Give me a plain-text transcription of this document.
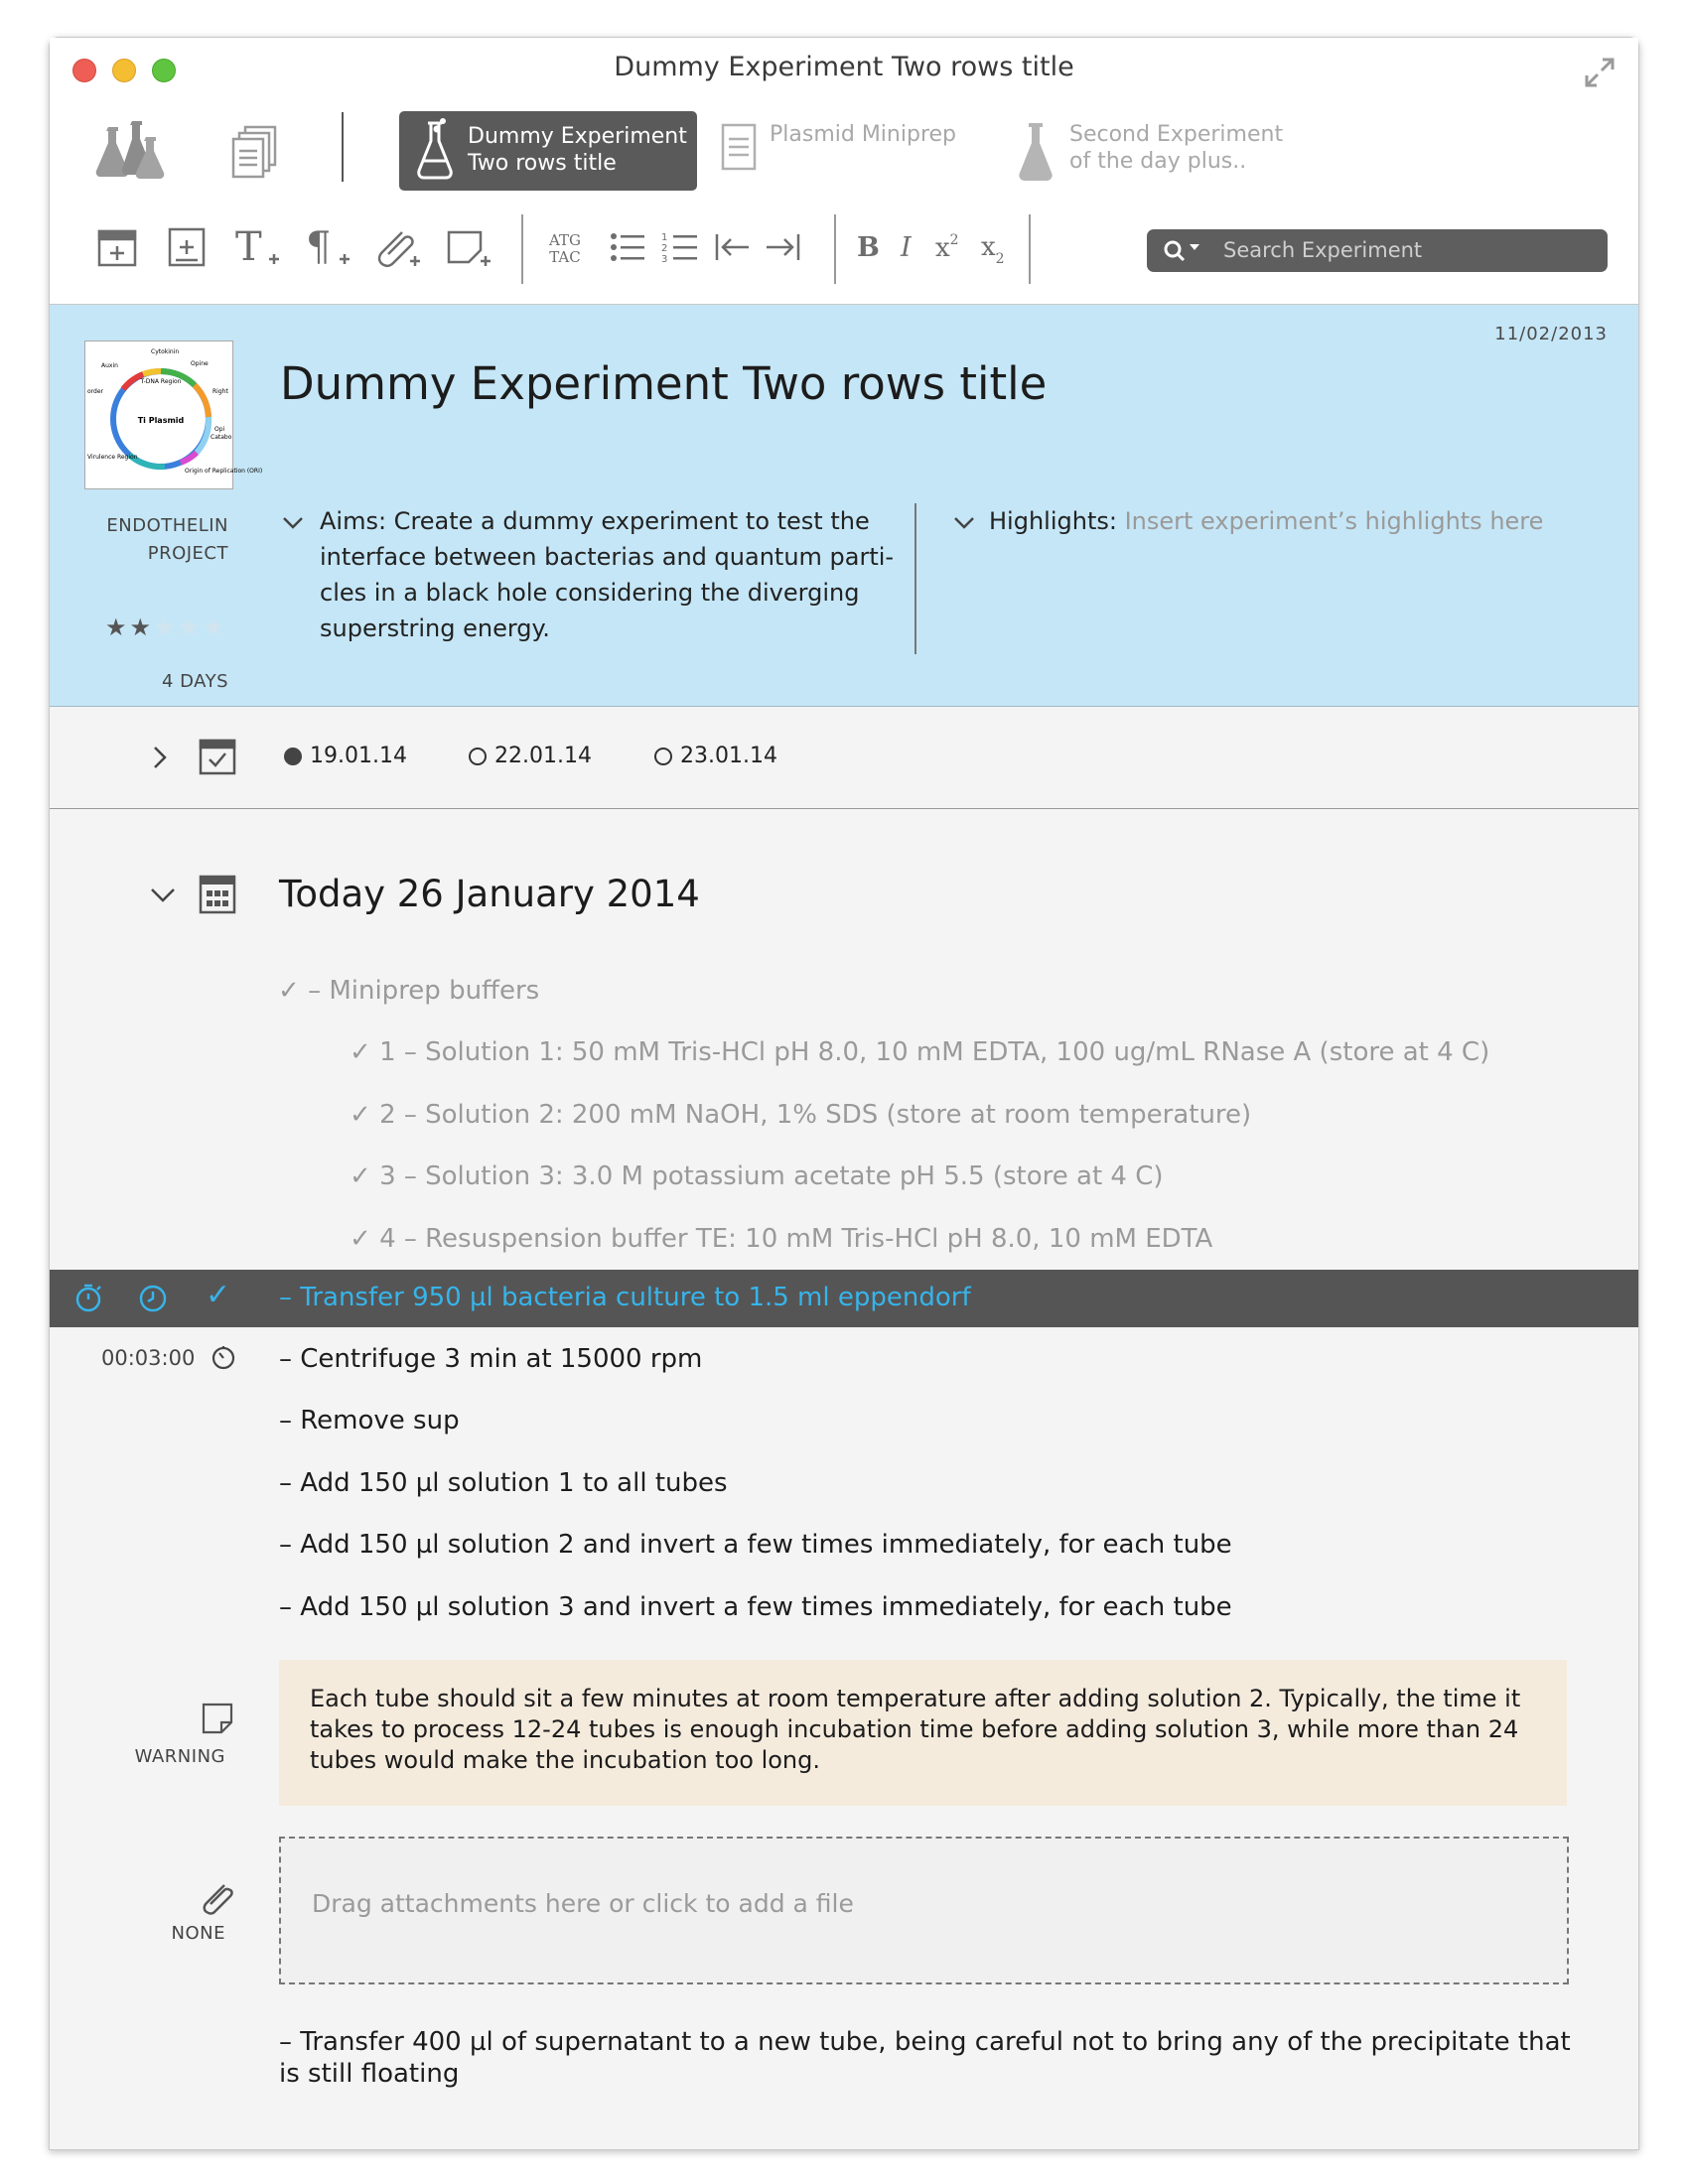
Dummy Experiment Two rows title
Dummy Experiment
Two rows title
Plasmid Miniprep	Second Experiment
of the day plus..
T ¶	ATG
TAC
1
2
3	B I $x^2$ $x_2$	Search Experiment
11/02/2013
Ti Plasmid
T-DNA Region
Cytokinin
Opine
Auxin
order	Right
Opi
Catabo
Virulence Region
Origin of Replication (ORI)
ENDOTHELIN
PROJECT
★★★★★
4 DAYS
Dummy Experiment Two rows title
Aims: Create a dummy experiment to test the interface between bacterias and quantum parti-cles in a black hole considering the diverging superstring energy.
Highlights: Insert experiment’s highlights here
19.01.14	22.01.14	23.01.14
Today 26 January 2014
✓ – Miniprep buffers
✓ 1 – Solution 1: 50 mM Tris-HCl pH 8.0, 10 mM EDTA, 100 ug/mL RNase A (store at 4 C)
✓ 2 – Solution 2: 200 mM NaOH, 1% SDS (store at room temperature)
✓ 3 – Solution 3: 3.0 M potassium acetate pH 5.5 (store at 4 C)
✓ 4 – Resuspension buffer TE: 10 mM Tris-HCl pH 8.0, 10 mM EDTA
✓ – Transfer 950 µl bacteria culture to 1.5 ml eppendorf
00:03:00	– Centrifuge 3 min at 15000 rpm
– Remove sup
– Add 150 µl solution 1 to all tubes
– Add 150 µl solution 2 and invert a few times immediately, for each tube
– Add 150 µl solution 3 and invert a few times immediately, for each tube
WARNING
Each tube should sit a few minutes at room temperature after adding solution 2. Typically, the time it takes to process 12-24 tubes is enough incubation time before adding solution 3, while more than 24 tubes would make the incubation too long.
NONE
Drag attachments here or click to add a file
– Transfer 400 µl of supernatant to a new tube, being careful not to bring any of the precipitate that is still floating
